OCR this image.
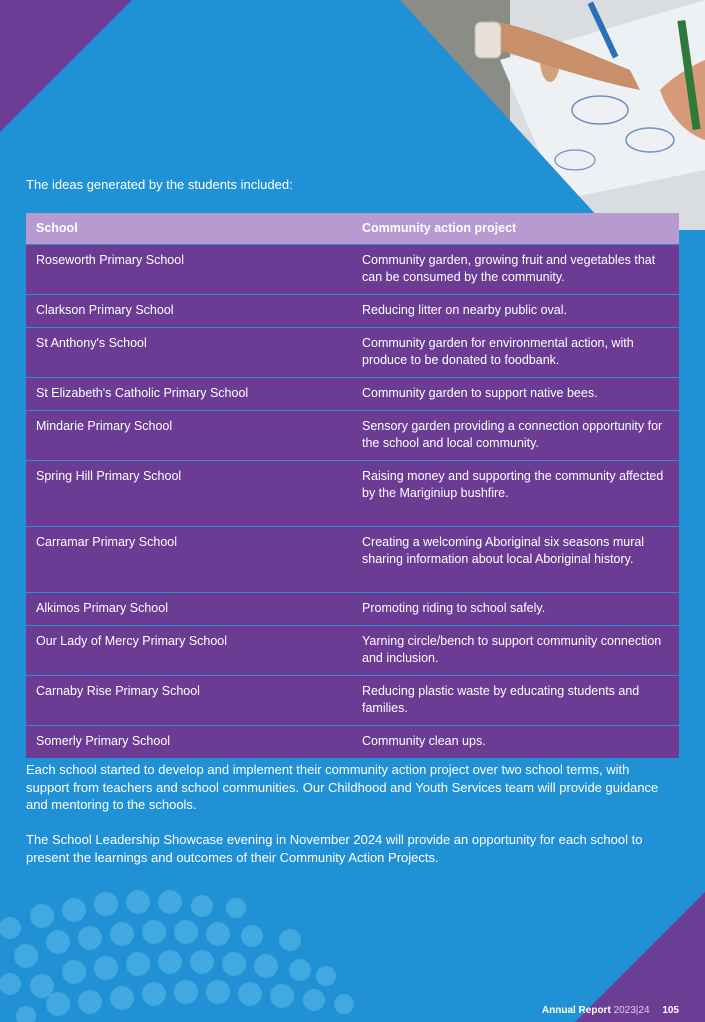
The ideas generated by the students included:
School	Community action project
Roseworth Primary School	Community garden, growing fruit and vegetables that can be consumed by the community.
Clarkson Primary School	Reducing litter on nearby public oval.
St Anthony's School	Community garden for environmental action, with produce to be donated to foodbank.
St Elizabeth's Catholic Primary School	Community garden to support native bees.
Mindarie Primary School	Sensory garden providing a connection opportunity for the school and local community.
Spring Hill Primary School	Raising money and supporting the community affected by the Mariginiup bushfire.
Carramar Primary School	Creating a welcoming Aboriginal six seasons mural sharing information about local Aboriginal history.
Alkimos Primary School	Promoting riding to school safely.
Our Lady of Mercy Primary School	Yarning circle/bench to support community connection and inclusion.
Carnaby Rise Primary School	Reducing plastic waste by educating students and families.
Somerly Primary School	Community clean ups.

Each school started to develop and implement their community action project over two school terms, with support from teachers and school communities. Our Childhood and Youth Services team will provide guidance and mentoring to the schools.

The School Leadership Showcase evening in November 2024 will provide an opportunity for each school to present the learnings and outcomes of their Community Action Projects.

Annual Report 2023|24 105
